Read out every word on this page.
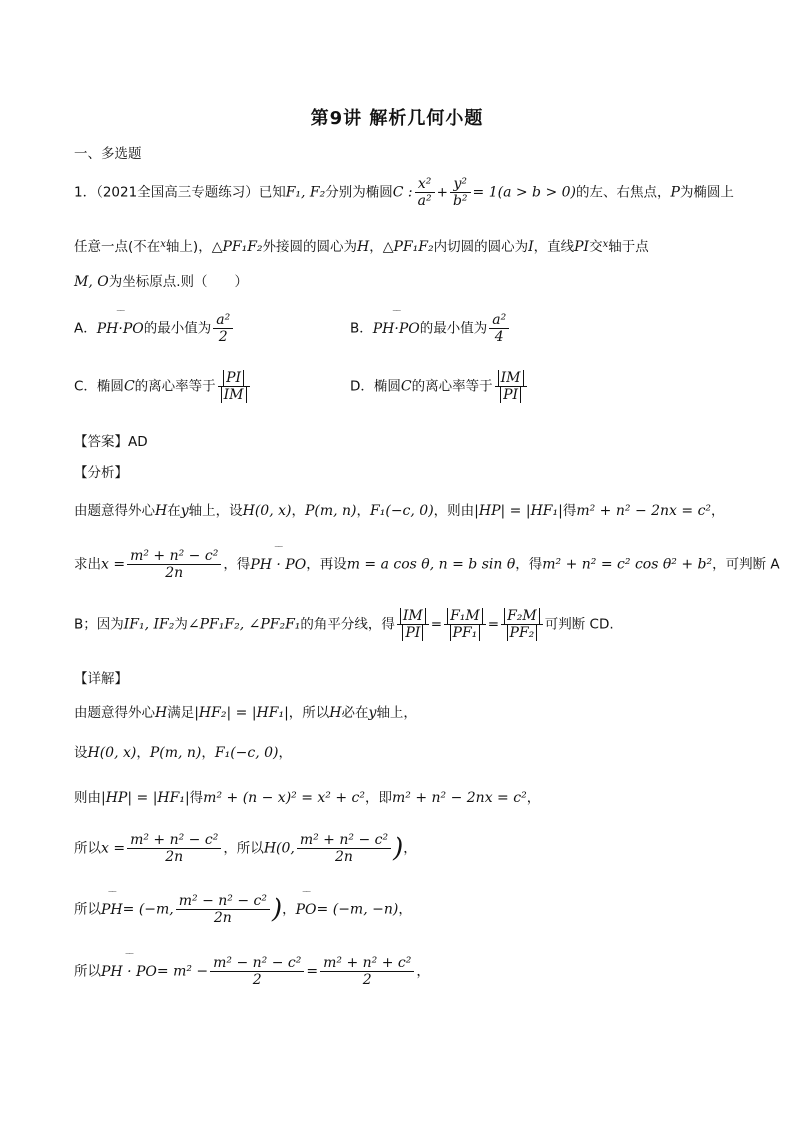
第9讲 解析几何小题
一、多选题
1．（2021全国高三专题练习）已知F₁, F₂分别为椭圆C : $\frac{\text{x²}}{\text{a²}} + \frac{\text{y²}}{\text{b²}} = 1(a > b > 0)$的左、右焦点，P为椭圆上
任意一点(不在$^x$轴上)，△PF₁F₂外接圆的圆心为H，△PF₁F₂内切圆的圆心为I，直线PI交$^x$轴于点
M, O为坐标原点.则（　　）
A．‾‾ PH·PO的最小值为 $\frac{\text{a²}}{2}$	B．‾‾ PH·PO的最小值为 $\frac{\text{a²}}{4}$
C．椭圆C的离心率等于 $\frac{PI}{IM}$	D．椭圆C的离心率等于 $\frac{IM}{PI}$
【答案】AD
【分析】
由题意得外心H在y轴上，设H(0, x)，P(m, n)，F₁(−c, 0)，则由|HP| = |HF₁|得m² + n² − 2nx = c²，
求出$x = \frac{\text{m² + n² − c²}}{2n}$ ，得‾‾ PH · PO，再设m = a cos θ, n = b sin θ，得m² + n² = c² cos θ² + b²，可判断 A
B；因为IF₁, IF₂为∠PF₁F₂, ∠PF₂F₁的角平分线，得 $\frac{IM}{PI} = \frac{\text{F₁M}}{\text{PF₁}} = \frac{\text{F₂M}}{\text{PF₂}}$ 可判断 CD.
【详解】
由题意得外心H满足|HF₂| = |HF₁|，所以H必在y轴上，
设H(0, x)，P(m, n)，F₁(−c, 0)，
则由|HP| = |HF₁|得m² + (n − x)² = x² + c²，即m² + n² − 2nx = c²，
所以$x = \frac{\text{m² + n² − c²}}{2n}$ ，所以H(0, $\frac{\text{m² + n² − c²}}{2n}$ )，
所以‾‾ PH= (−m, $\frac{\text{m² − n² − c²}}{2n}$ )，‾‾ PO= (−m, −n)，
所以‾‾ PH · $PO= m^2 - \frac{\text{m² − n² − c²}}{2} = \frac{\text{m² + n² + c²}}{2}$ ，
